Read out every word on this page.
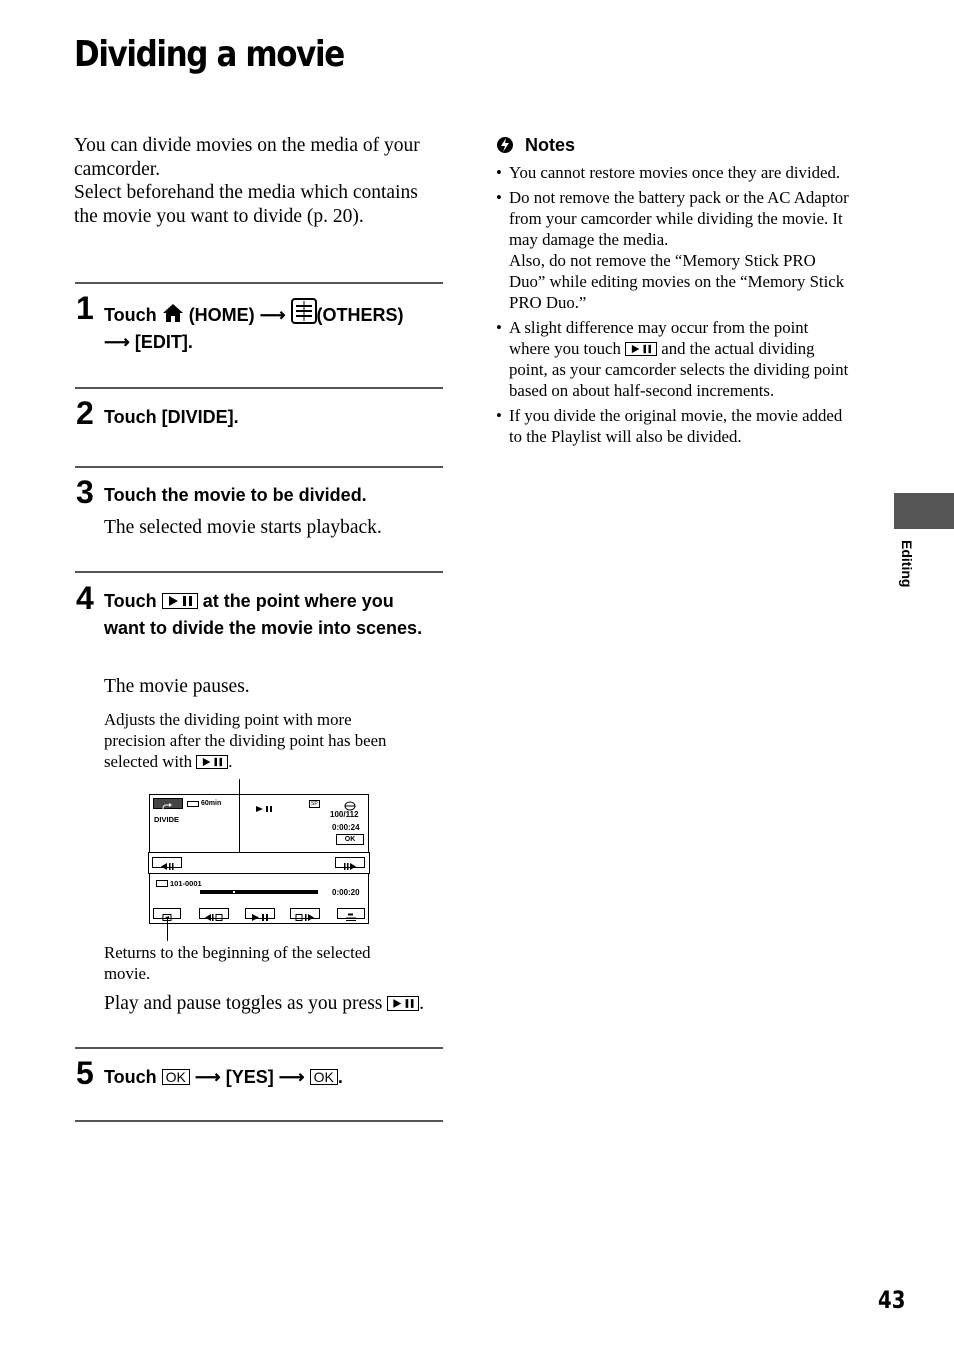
Dividing a movie
You can divide movies on the media of your camcorder.
Select beforehand the media which contains the movie you want to divide (p. 20).
1 Touch (HOME) ⟶ (OTHERS)
⟶ [EDIT].
2 Touch [DIVIDE].
3 Touch the movie to be divided.
The selected movie starts playback.
4 Touch	at the point where you want to divide the movie into scenes.
The movie pauses.
Adjusts the dividing point with more precision after the dividing point has been selected with .
60min
DIVIDE
SP
100/112
0:00:24
OK
101-0001
0:00:20
Returns to the beginning of the selected movie.
Play and pause toggles as you press .
5 Touch OK ⟶ [YES] ⟶ OK .
Notes
• You cannot restore movies once they are divided.
• Do not remove the battery pack or the AC Adaptor from your camcorder while dividing the movie. It may damage the media.
Also, do not remove the “Memory Stick PRO Duo” while editing movies on the “Memory Stick PRO Duo.”
• A slight difference may occur from the point where you touch and the actual dividing point, as your camcorder selects the dividing point based on about half-second increments.
• If you divide the original movie, the movie added to the Playlist will also be divided.
Editing
43
